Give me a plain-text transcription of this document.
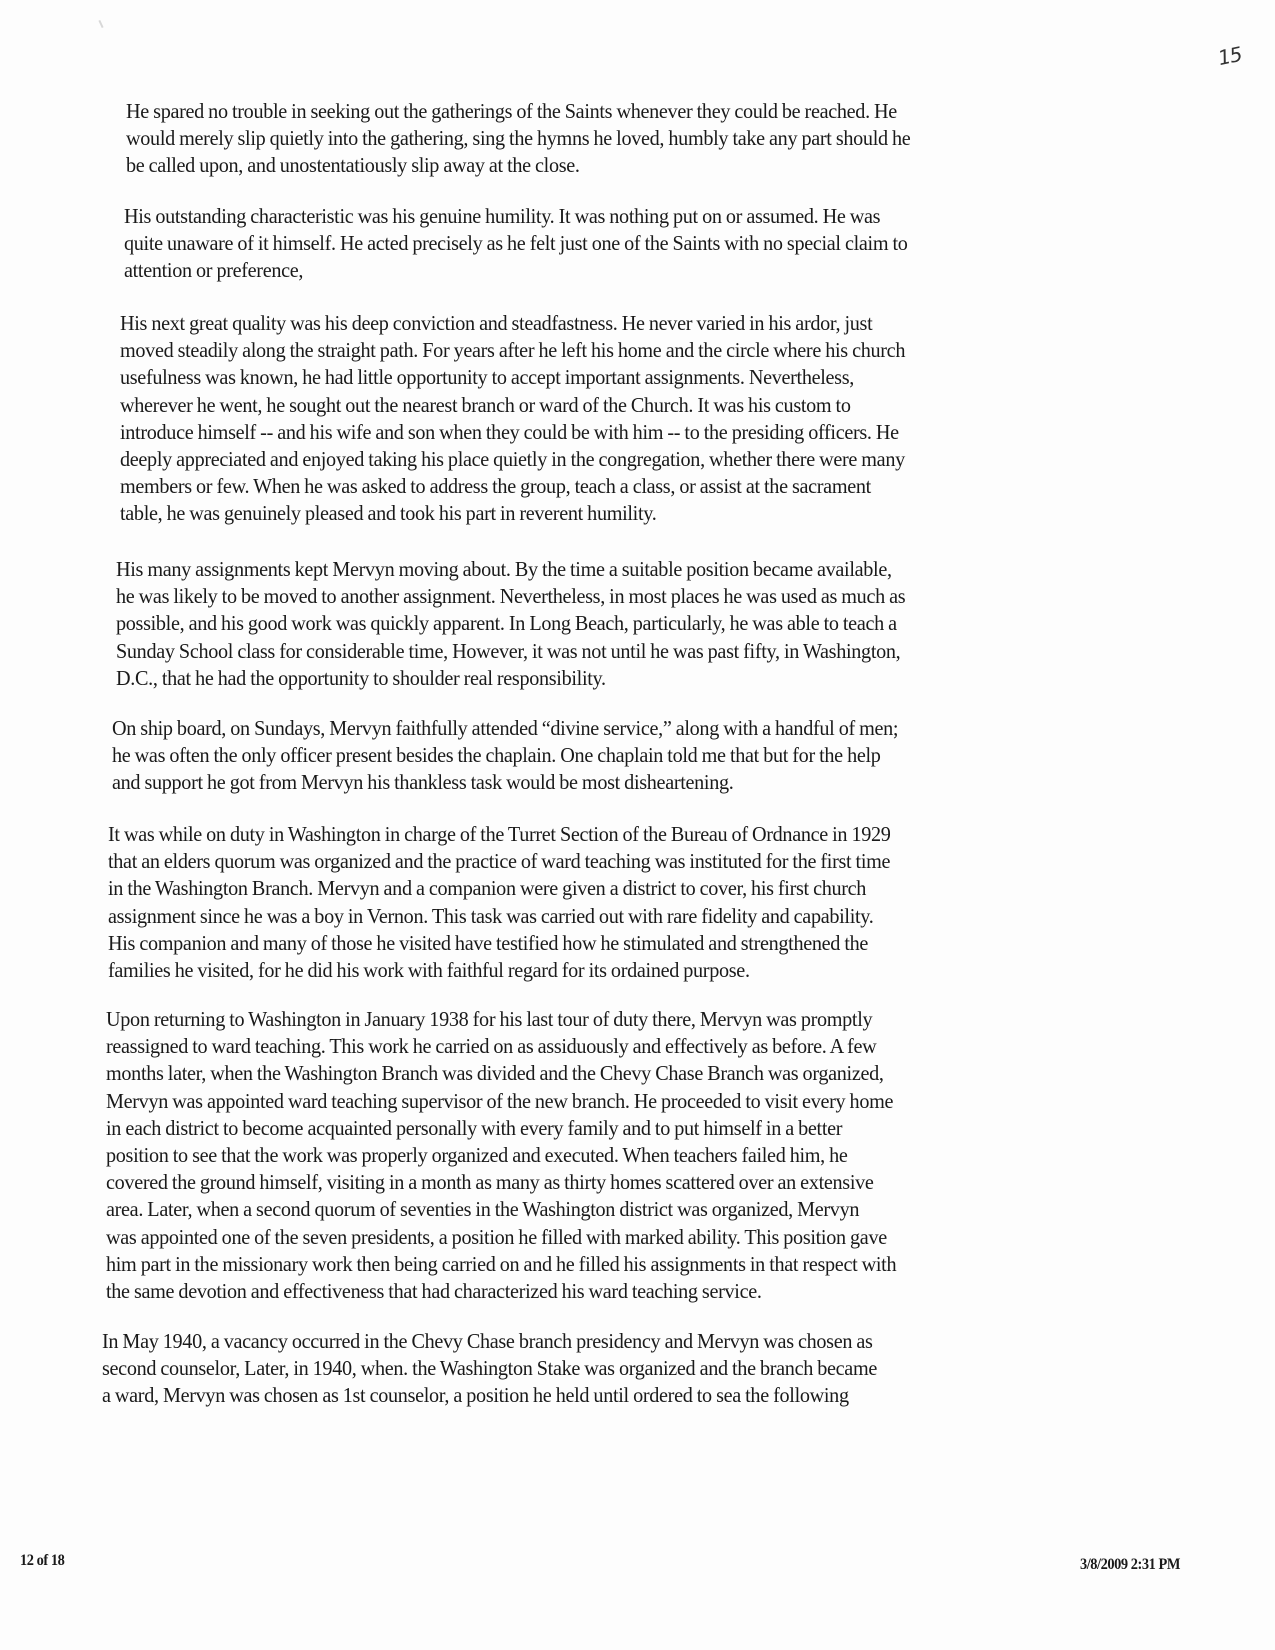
15

He spared no trouble in seeking out the gatherings of the Saints whenever they could be reached. He
would merely slip quietly into the gathering, sing the hymns he loved, humbly take any part should he
be called upon, and unostentatiously slip away at the close.

His outstanding characteristic was his genuine humility. It was nothing put on or assumed. He was
quite unaware of it himself. He acted precisely as he felt just one of the Saints with no special claim to
attention or preference,

His next great quality was his deep conviction and steadfastness. He never varied in his ardor, just
moved steadily along the straight path. For years after he left his home and the circle where his church
usefulness was known, he had little opportunity to accept important assignments. Nevertheless,
wherever he went, he sought out the nearest branch or ward of the Church. It was his custom to
introduce himself -- and his wife and son when they could be with him -- to the presiding officers. He
deeply appreciated and enjoyed taking his place quietly in the congregation, whether there were many
members or few. When he was asked to address the group, teach a class, or assist at the sacrament
table, he was genuinely pleased and took his part in reverent humility.

His many assignments kept Mervyn moving about. By the time a suitable position became available,
he was likely to be moved to another assignment. Nevertheless, in most places he was used as much as
possible, and his good work was quickly apparent. In Long Beach, particularly, he was able to teach a
Sunday School class for considerable time, However, it was not until he was past fifty, in Washington,
D.C., that he had the opportunity to shoulder real responsibility.

On ship board, on Sundays, Mervyn faithfully attended “divine service,” along with a handful of men;
he was often the only officer present besides the chaplain. One chaplain told me that but for the help
and support he got from Mervyn his thankless task would be most disheartening.

It was while on duty in Washington in charge of the Turret Section of the Bureau of Ordnance in 1929
that an elders quorum was organized and the practice of ward teaching was instituted for the first time
in the Washington Branch. Mervyn and a companion were given a district to cover, his first church
assignment since he was a boy in Vernon. This task was carried out with rare fidelity and capability.
His companion and many of those he visited have testified how he stimulated and strengthened the
families he visited, for he did his work with faithful regard for its ordained purpose.

Upon returning to Washington in January 1938 for his last tour of duty there, Mervyn was promptly
reassigned to ward teaching. This work he carried on as assiduously and effectively as before. A few
months later, when the Washington Branch was divided and the Chevy Chase Branch was organized,
Mervyn was appointed ward teaching supervisor of the new branch. He proceeded to visit every home
in each district to become acquainted personally with every family and to put himself in a better
position to see that the work was properly organized and executed. When teachers failed him, he
covered the ground himself, visiting in a month as many as thirty homes scattered over an extensive
area. Later, when a second quorum of seventies in the Washington district was organized, Mervyn
was appointed one of the seven presidents, a position he filled with marked ability. This position gave
him part in the missionary work then being carried on and he filled his assignments in that respect with
the same devotion and effectiveness that had characterized his ward teaching service.

In May 1940, a vacancy occurred in the Chevy Chase branch presidency and Mervyn was chosen as
second counselor, Later, in 1940, when. the Washington Stake was organized and the branch became
a ward, Mervyn was chosen as 1st counselor, a position he held until ordered to sea the following

12 of 18	3/8/2009 2:31 PM
